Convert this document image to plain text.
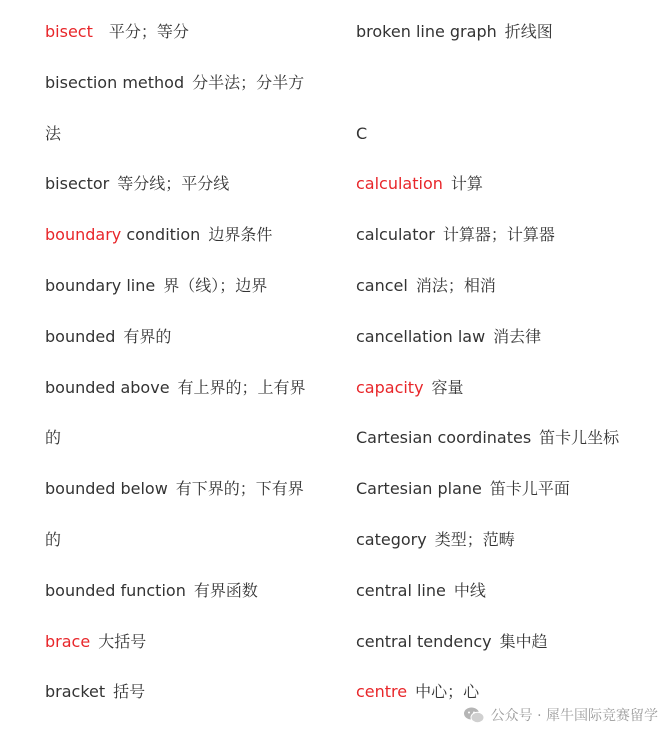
bisect 平分；等分
bisection method 分半法；分半方
法
bisector 等分线；平分线
boundary condition 边界条件
boundary line 界（线）；边界
bounded 有界的
bounded above 有上界的；上有界
的
bounded below 有下界的；下有界
的
bounded function 有界函数
brace 大括号
bracket 括号
broken line graph 折线图
C
calculation 计算
calculator 计算器；计算器
cancel 消法；相消
cancellation law 消去律
capacity 容量
Cartesian coordinates 笛卡儿坐标
Cartesian plane 笛卡儿平面
category 类型；范畴
central line 中线
central tendency 集中趋
centre 中心；心
公众号 · 犀牛国际竞赛留学
